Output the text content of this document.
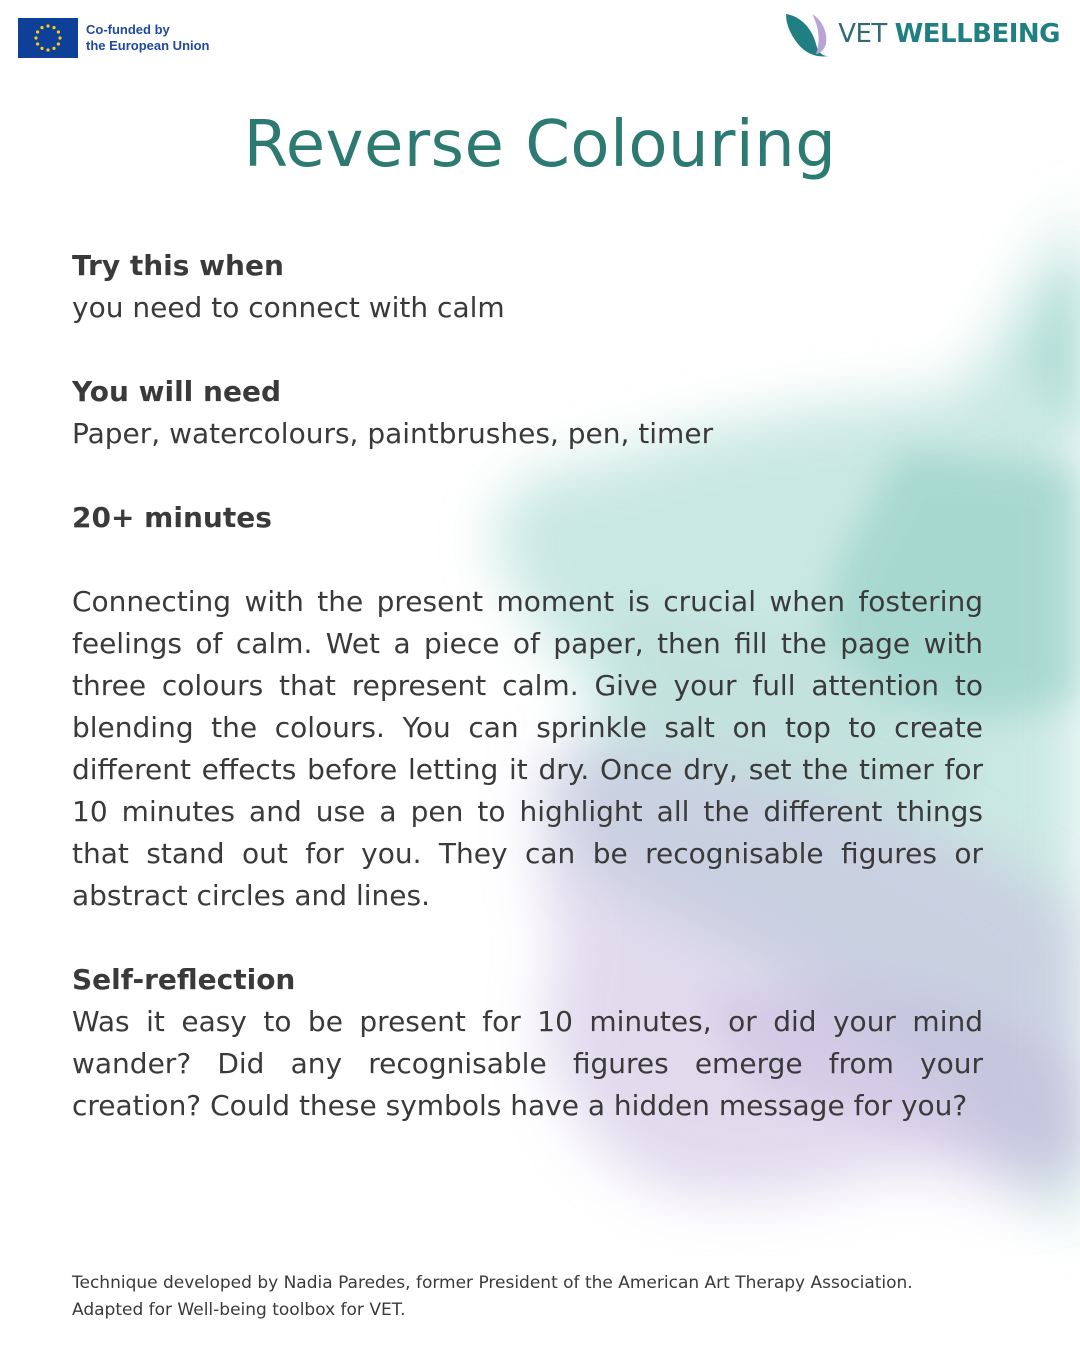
Co-funded by
the European Union	VET WELLBEING
Reverse Colouring

Try this when

you need to connect with calm

You will need

Paper, watercolours, paintbrushes, pen, timer

20+ minutes

Connecting with the present moment is crucial when fostering feelings of calm. Wet a piece of paper, then fill the page with three colours that represent calm. Give your full attention to blending the colours. You can sprinkle salt on top to create different effects before letting it dry. Once dry, set the timer for 10 minutes and use a pen to highlight all the different things that stand out for you. They can be recognisable figures or abstract circles and lines.

Self-reflection

Was it easy to be present for 10 minutes, or did your mind wander? Did any recognisable figures emerge from your creation? Could these symbols have a hidden message for you?

Technique developed by Nadia Paredes, former President of the American Art Therapy Association.
Adapted for Well-being toolbox for VET.
